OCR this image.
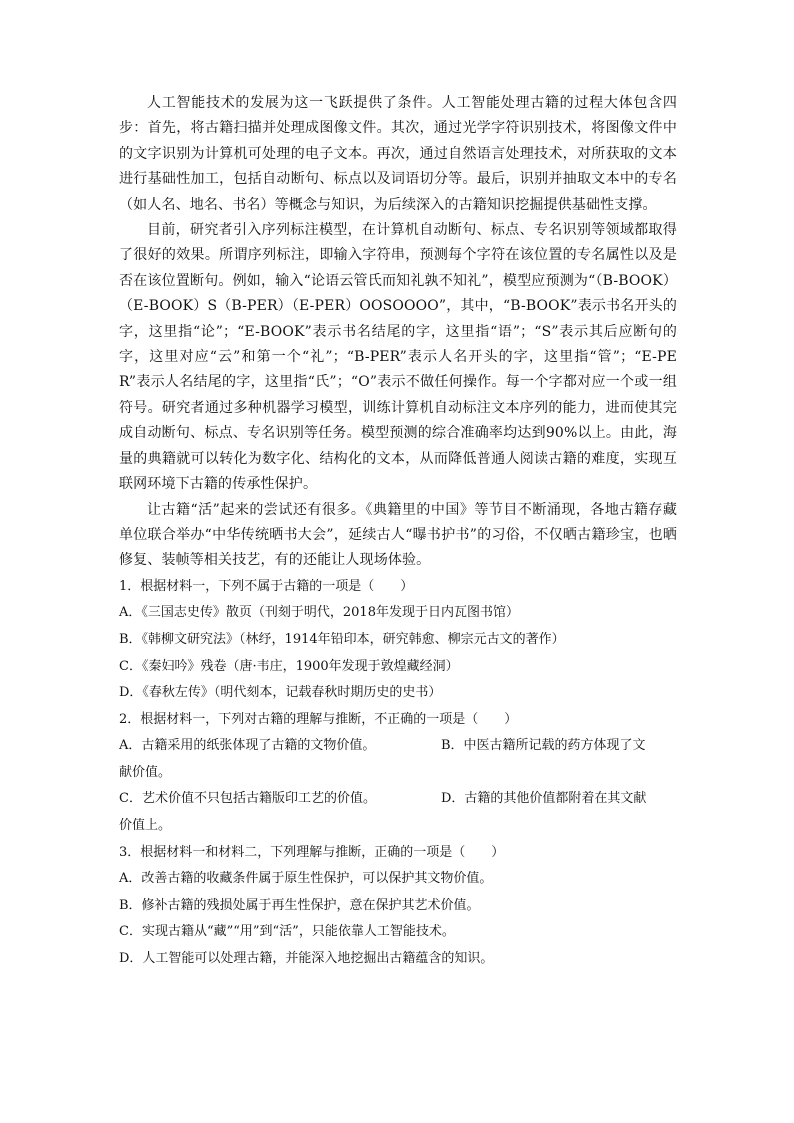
人工智能技术的发展为这一飞跃提供了条件。人工智能处理古籍的过程大体包含四步：首先，将古籍扫描并处理成图像文件。其次，通过光学字符识别技术，将图像文件中的文字识别为计算机可处理的电子文本。再次，通过自然语言处理技术，对所获取的文本进行基础性加工，包括自动断句、标点以及词语切分等。最后，识别并抽取文本中的专名（如人名、地名、书名）等概念与知识，为后续深入的古籍知识挖掘提供基础性支撑。

目前，研究者引入序列标注模型，在计算机自动断句、标点、专名识别等领域都取得了很好的效果。所谓序列标注，即输入字符串，预测每个字符在该位置的专名属性以及是否在该位置断句。例如，输入“论语云管氏而知礼孰不知礼”，模型应预测为“（B-BOOK）（E-BOOK）S（B-PER）（E-PER）OOSOOOO”，其中，“B-BOOK”表示书名开头的字，这里指“论”；“E-BOOK”表示书名结尾的字，这里指“语”；“S”表示其后应断句的字，这里对应“云”和第一个“礼”；“B-PER”表示人名开头的字，这里指“管”；“E-PER”表示人名结尾的字，这里指“氏”；“O”表示不做任何操作。每一个字都对应一个或一组符号。研究者通过多种机器学习模型，训练计算机自动标注文本序列的能力，进而使其完成自动断句、标点、专名识别等任务。模型预测的综合准确率均达到90%以上。由此，海量的典籍就可以转化为数字化、结构化的文本，从而降低普通人阅读古籍的难度，实现互联网环境下古籍的传承性保护。

让古籍“活”起来的尝试还有很多。《典籍里的中国》等节目不断涌现，各地古籍存藏单位联合举办“中华传统晒书大会”，延续古人“曝书护书”的习俗，不仅晒古籍珍宝，也晒修复、装帧等相关技艺，有的还能让人现场体验。

1．根据材料一，下列不属于古籍的一项是（　　）

A．《三国志史传》散页（刊刻于明代，2018年发现于日内瓦图书馆）

B．《韩柳文研究法》（林纾，1914年铅印本，研究韩愈、柳宗元古文的著作）

C．《秦妇吟》残卷（唐·韦庄，1900年发现于敦煌藏经洞）

D．《春秋左传》（明代刻本，记载春秋时期历史的史书）

2．根据材料一，下列对古籍的理解与推断，不正确的一项是（　　）

A．古籍采用的纸张体现了古籍的文物价值。	B．中医古籍所记载的药方体现了文

献价值。

C．艺术价值不只包括古籍版印工艺的价值。	D．古籍的其他价值都附着在其文献

价值上。

3．根据材料一和材料二，下列理解与推断，正确的一项是（　　）

A．改善古籍的收藏条件属于原生性保护，可以保护其文物价值。

B．修补古籍的残损处属于再生性保护，意在保护其艺术价值。

C．实现古籍从“藏”“用”到“活”，只能依靠人工智能技术。

D．人工智能可以处理古籍，并能深入地挖掘出古籍蕴含的知识。
